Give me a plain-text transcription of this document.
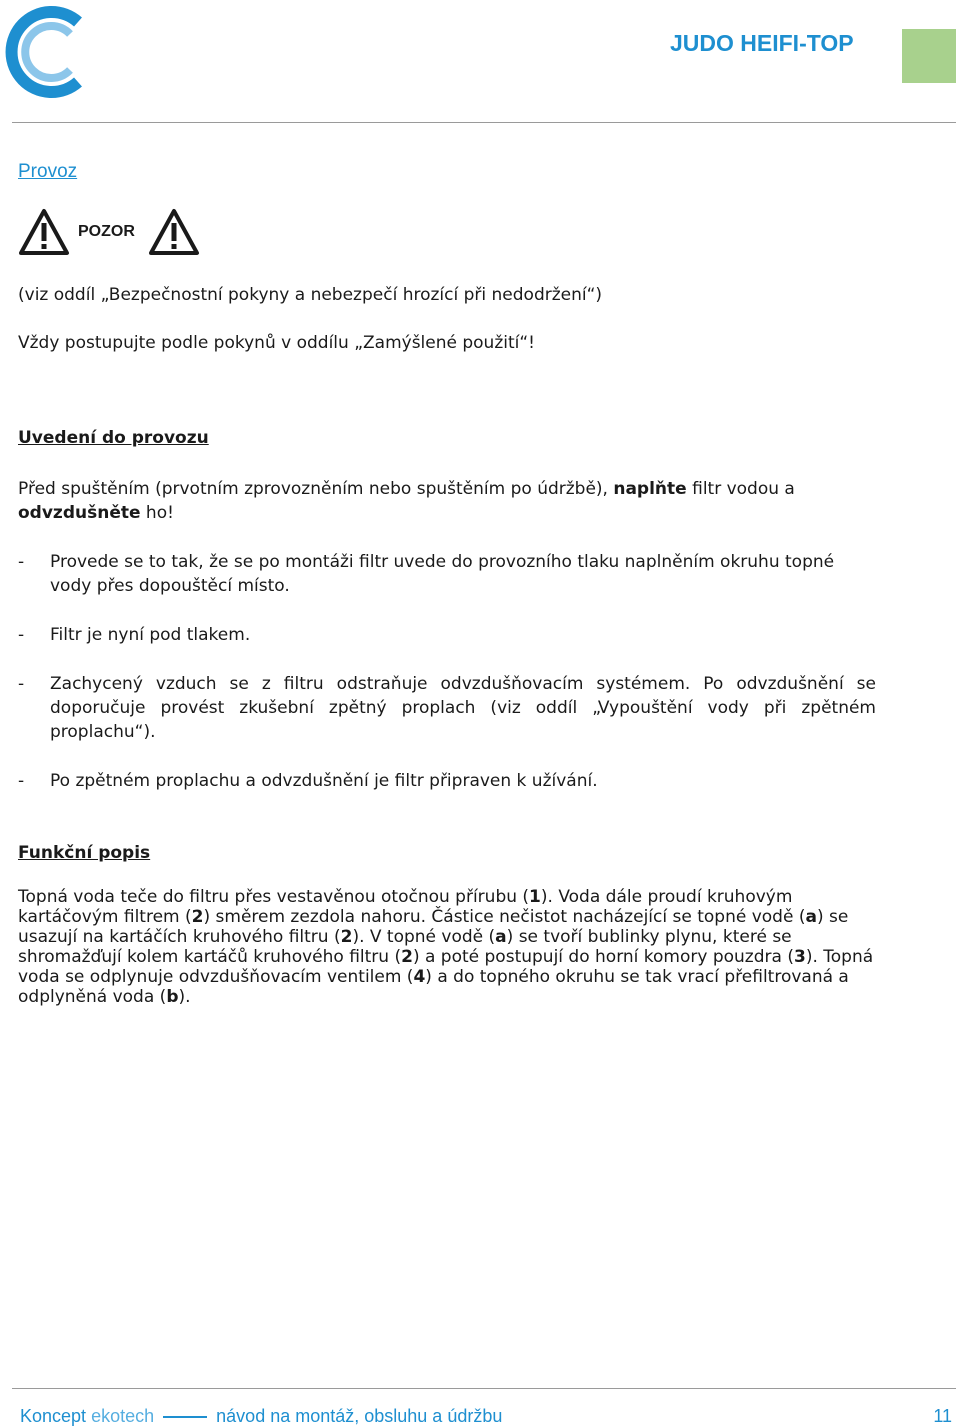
JUDO HEIFI-TOP
Provoz
POZOR
(viz oddíl „Bezpečnostní pokyny a nebezpečí hrozící při nedodržení“)
Vždy postupujte podle pokynů v oddílu „Zamýšlené použití“!
Uvedení do provozu
Před spuštěním (prvotním zprovozněním nebo spuštěním po údržbě), naplňte filtr vodou a odvzdušněte ho!
-	Provede se to tak, že se po montáži filtr uvede do provozního tlaku naplněním okruhu topné vody přes dopouštěcí místo.
-	Filtr je nyní pod tlakem.
-	Zachycený vzduch se z filtru odstraňuje odvzdušňovacím systémem. Po odvzdušnění se doporučuje provést zkušební zpětný proplach (viz oddíl „Vypouštění vody při zpětném proplachu“).
-	Po zpětném proplachu a odvzdušnění je filtr připraven k užívání.
Funkční popis
Topná voda teče do filtru přes vestavěnou otočnou přírubu (1). Voda dále proudí kruhovým kartáčovým filtrem (2) směrem zezdola nahoru. Částice nečistot nacházející se topné vodě (a) se usazují na kartáčích kruhového filtru (2). V topné vodě (a) se tvoří bublinky plynu, které se shromažďují kolem kartáčů kruhového filtru (2) a poté postupují do horní komory pouzdra (3). Topná voda se odplynuje odvzdušňovacím ventilem (4) a do topného okruhu se tak vrací přefiltrovaná a odplyněná voda (b).
Koncept ekotech	návod na montáž, obsluhu a údržbu	11
